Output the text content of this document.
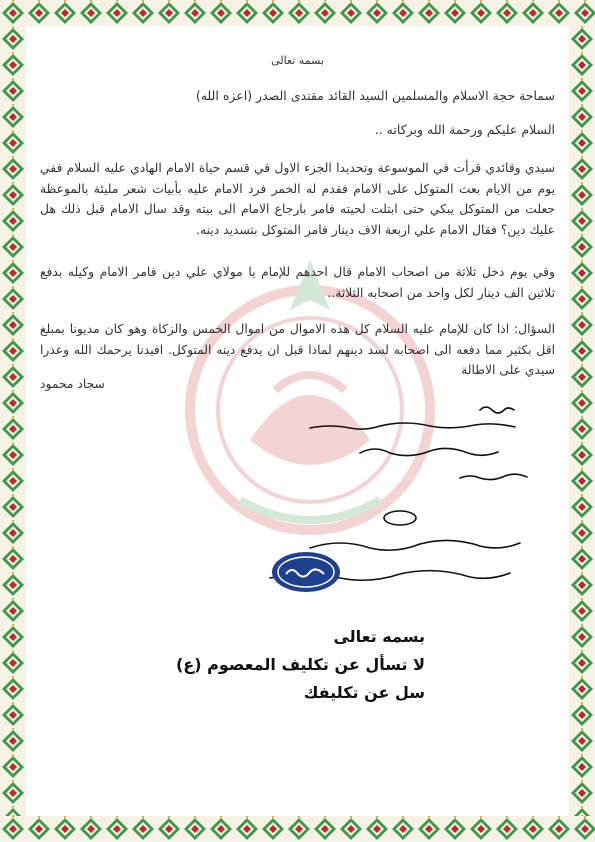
بسمه تعالى
سماحة حجة الاسلام والمسلمين السيد القائد مقتدى الصدر (اعزه الله)
السلام عليكم ورحمة الله وبركاته ..
سيدي وقائدي قرأت في الموسوعة وتحديدا الجزء الاول في قسم حياة الامام الهادي عليه السلام ففي يوم من الايام بعث المتوكل على الامام فقدم له الخمر فرد الامام عليه بأبيات شعر مليئة بالموعظة جعلت من المتوكل يبكي حتى ابتلت لحيته فامر بارجاع الامام الى بيته وقد سال الامام قبل ذلك هل عليك دين؟ فقال الامام علي اربعة الاف دينار فامر المتوكل بتسديد دينه.
وفي يوم دخل ثلاثة من اصحاب الامام قال احدهم للإمام يا مولاي علي دين فامر الامام وكيله بدفع ثلاثين الف دينار لكل واحد من اصحابه الثلاثة..
السؤال: اذا كان للإمام عليه السلام كل هذه الاموال من اموال الخمس والزكاة وهو كان مديونا بمبلغ اقل بكثير مما دفعه الى اصحابه لسد دينهم لماذا قبل ان يدفع دينه المتوكل. افيدنا يرحمك الله وعذرا سيدي على الاطالة
سجاد محمود
بسمه تعالى
لا تسأل عن تكليف المعصوم (ع)
سل عن تكليفك
